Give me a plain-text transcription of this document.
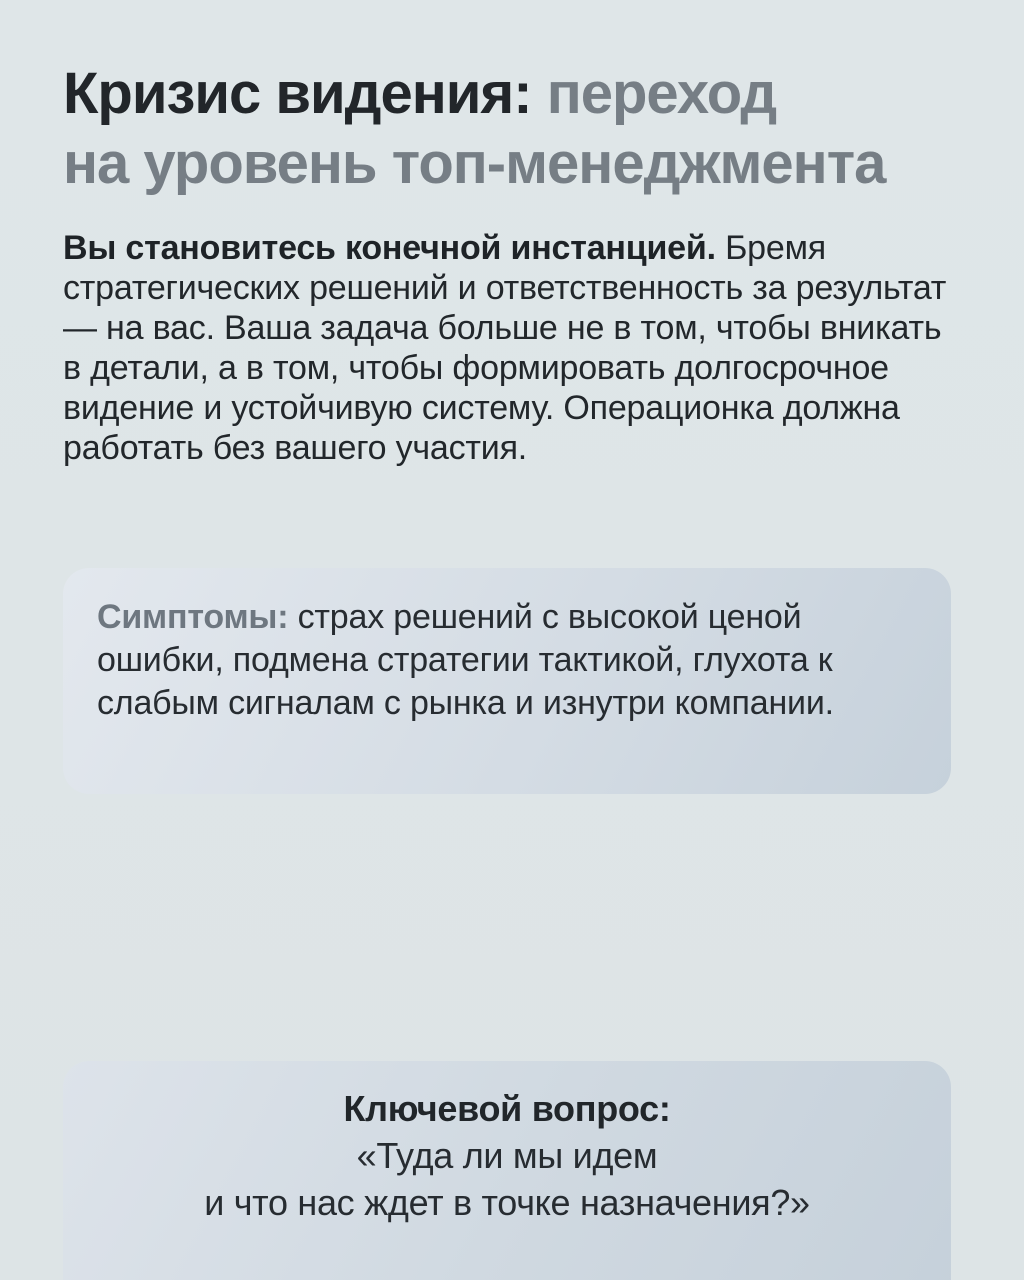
Кризис видения: переход
на уровень топ-менеджмента

Вы становитесь конечной инстанцией. Бремя стратегических решений и ответственность за результат — на вас. Ваша задача больше не в том, чтобы вникать в детали, а в том, чтобы формировать долгосрочное видение и устойчивую систему. Операционка должна работать без вашего участия.

Симптомы: страх решений с высокой ценой ошибки, подмена стратегии тактикой, глухота к слабым сигналам с рынка и изнутри компании.

Ключевой вопрос:

«Туда ли мы идем

и что нас ждет в точке назначения?»
